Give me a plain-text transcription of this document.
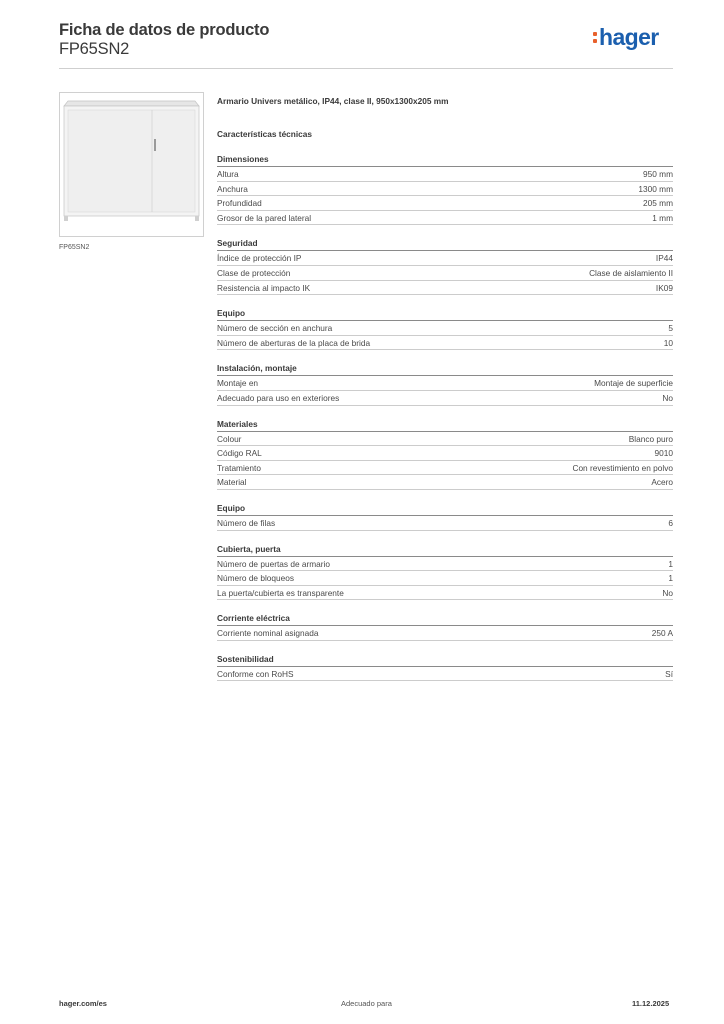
Ficha de datos de producto
FP65SN2	hager
FP65SN2
Armario Univers metálico, IP44, clase II, 950x1300x205 mm
Características técnicas
Dimensiones
Altura	950 mm
Anchura	1300 mm
Profundidad	205 mm
Grosor de la pared lateral	1 mm
Seguridad
Índice de protección IP	IP44
Clase de protección	Clase de aislamiento II
Resistencia al impacto IK	IK09
Equipo
Número de sección en anchura	5
Número de aberturas de la placa de brida	10
Instalación, montaje
Montaje en	Montaje de superficie
Adecuado para uso en exteriores	No
Materiales
Colour	Blanco puro
Código RAL	9010
Tratamiento	Con revestimiento en polvo
Material	Acero
Equipo
Número de filas	6
Cubierta, puerta
Número de puertas de armario	1
Número de bloqueos	1
La puerta/cubierta es transparente	No
Corriente eléctrica
Corriente nominal asignada	250 A
Sostenibilidad
Conforme con RoHS	Sí
hager.com/es	Adecuado para	11.12.2025
